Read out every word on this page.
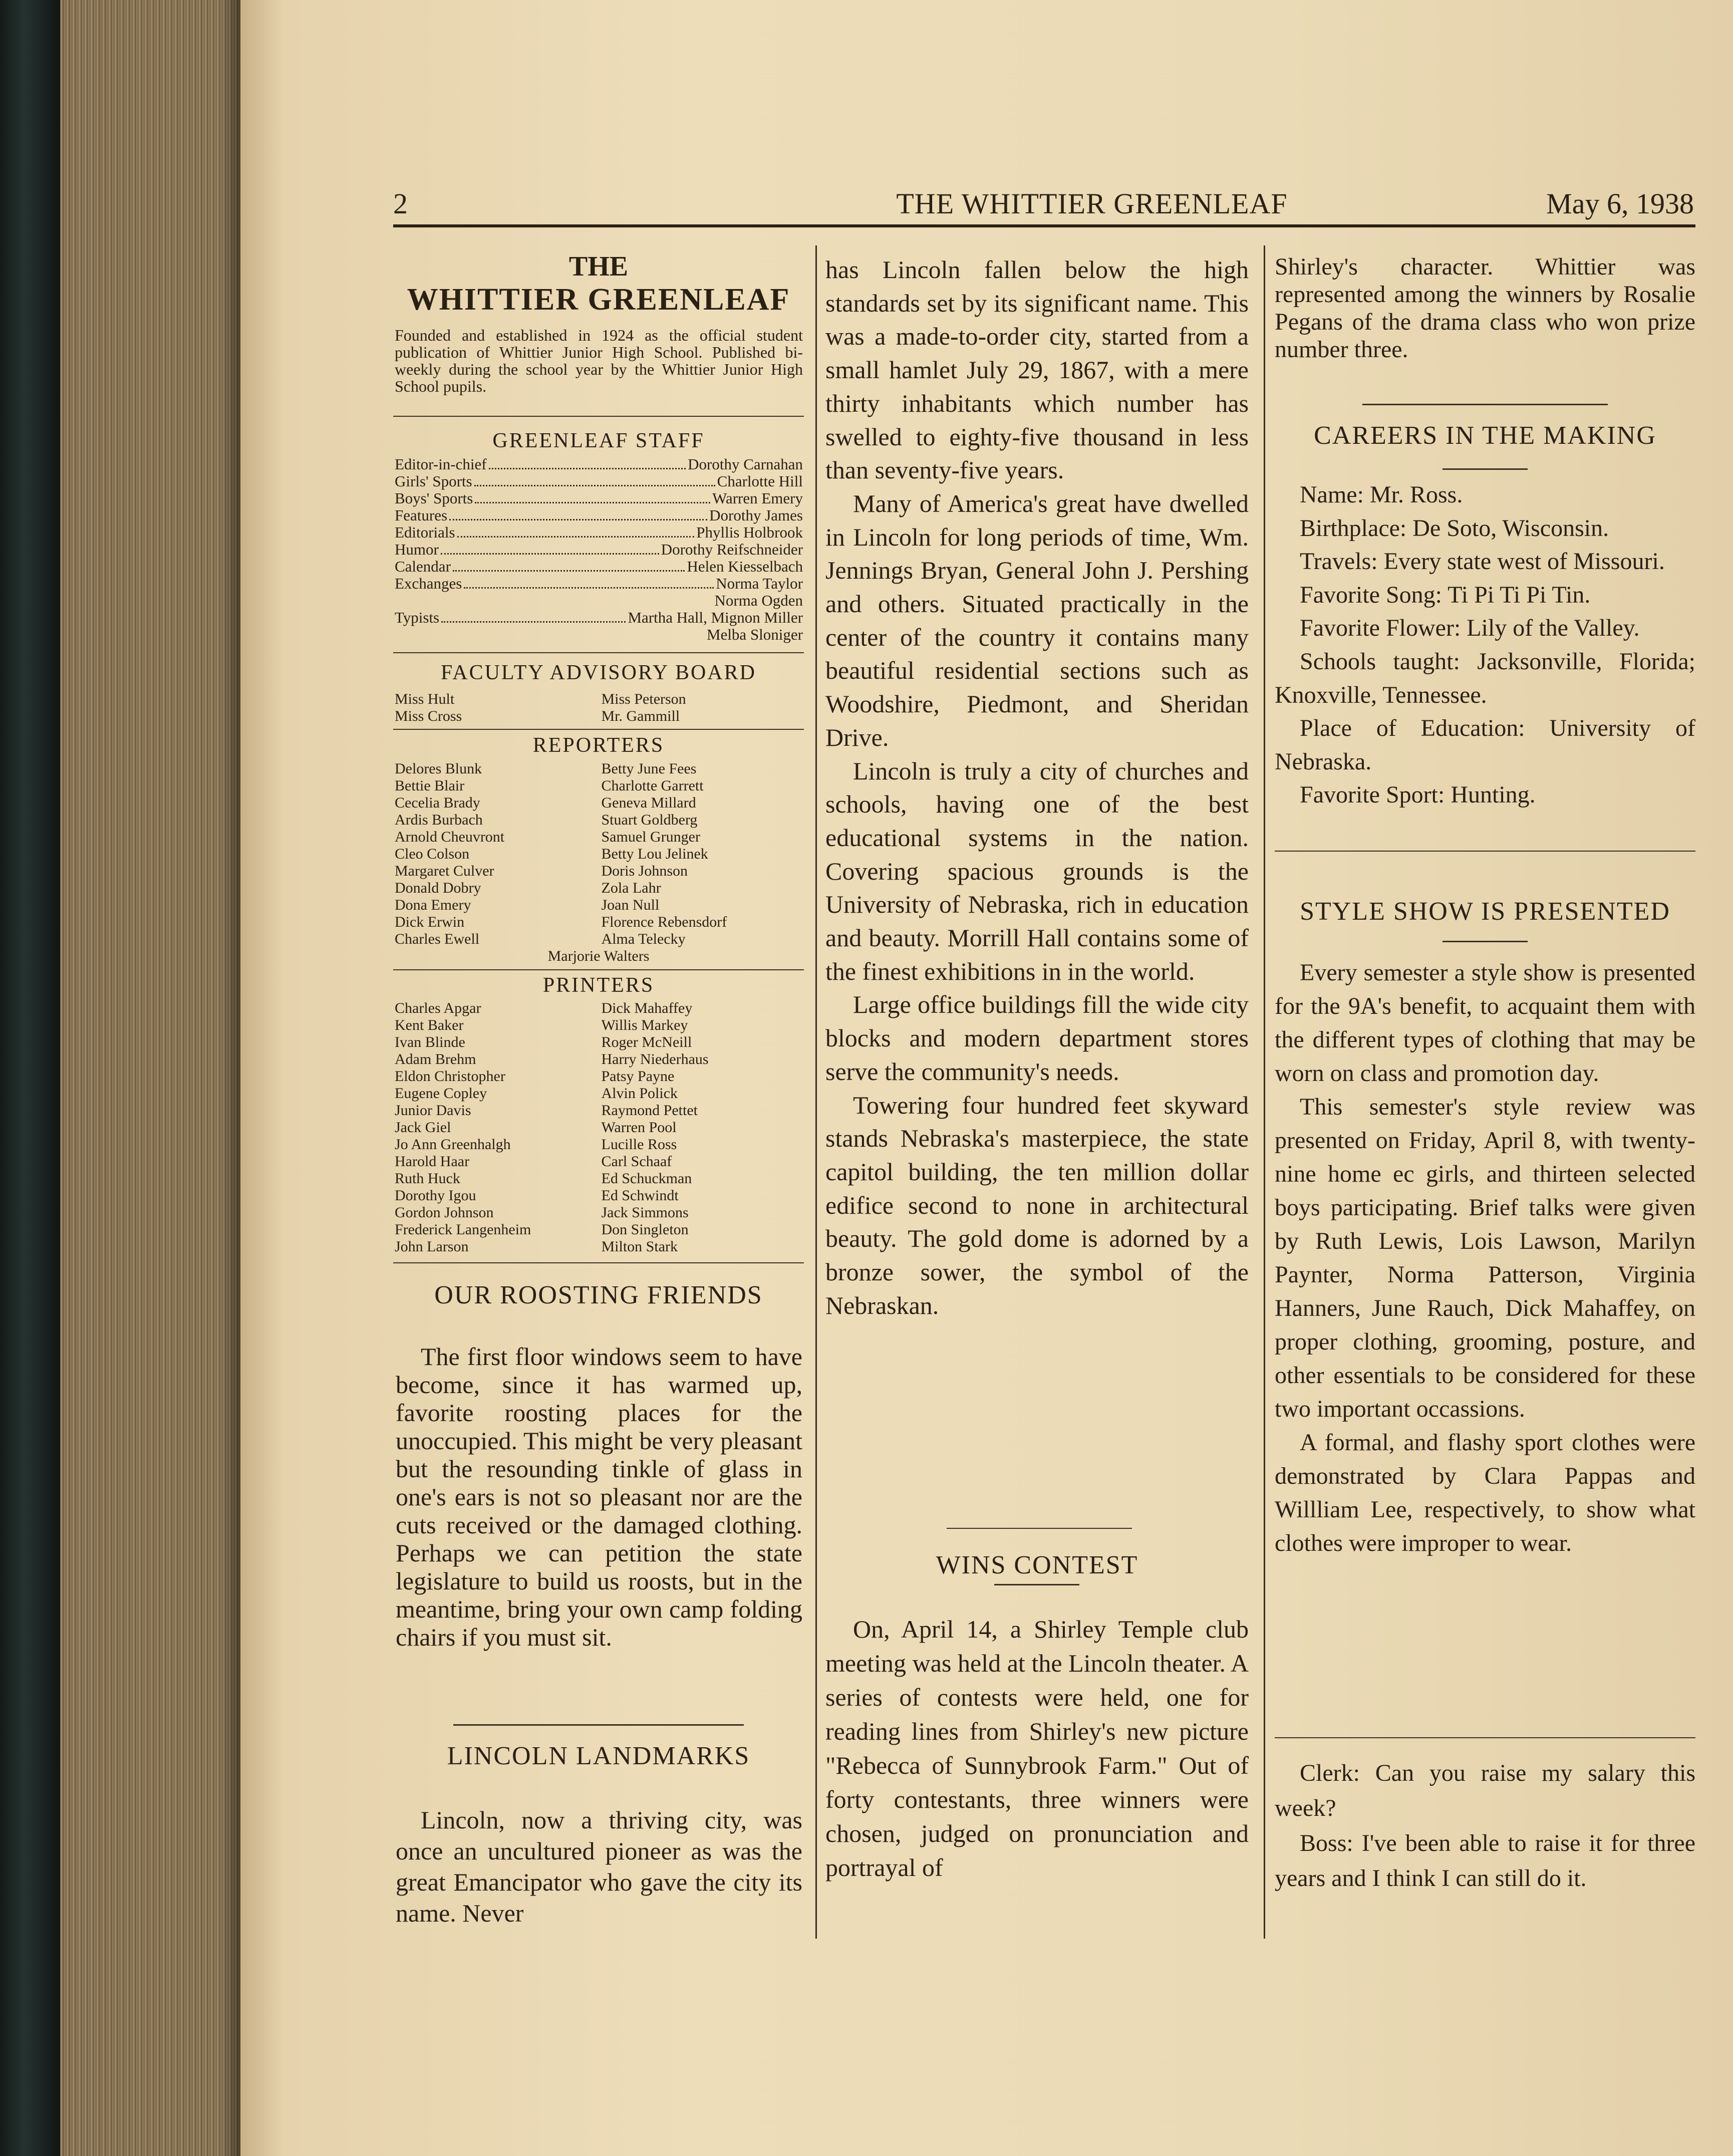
2	THE WHITTIER GREENLEAF	May 6, 1938
THE
WHITTIER GREENLEAF
Founded and established in 1924 as the official student publication of Whittier Junior High School. Published bi-weekly during the school year by the Whittier Junior High School pupils.
GREENLEAF STAFF
Editor-in-chief	Dorothy Carnahan
Girls' Sports	Charlotte Hill
Boys' Sports	Warren Emery
Features	Dorothy James
Editorials	Phyllis Holbrook
Humor	Dorothy Reifschneider
Calendar	Helen Kiesselbach
Exchanges	Norma Taylor
Norma Ogden
Typists	Martha Hall, Mignon Miller
Melba Sloniger
FACULTY ADVISORY BOARD
Miss Hult	Miss Peterson
Miss Cross	Mr. Gammill
REPORTERS
Delores Blunk	Betty June Fees
Bettie Blair	Charlotte Garrett
Cecelia Brady	Geneva Millard
Ardis Burbach	Stuart Goldberg
Arnold Cheuvront	Samuel Grunger
Cleo Colson	Betty Lou Jelinek
Margaret Culver	Doris Johnson
Donald Dobry	Zola Lahr
Dona Emery	Joan Null
Dick Erwin	Florence Rebensdorf
Charles Ewell	Alma Telecky
Marjorie Walters
PRINTERS
Charles Apgar	Dick Mahaffey
Kent Baker	Willis Markey
Ivan Blinde	Roger McNeill
Adam Brehm	Harry Niederhaus
Eldon Christopher	Patsy Payne
Eugene Copley	Alvin Polick
Junior Davis	Raymond Pettet
Jack Giel	Warren Pool
Jo Ann Greenhalgh	Lucille Ross
Harold Haar	Carl Schaaf
Ruth Huck	Ed Schuckman
Dorothy Igou	Ed Schwindt
Gordon Johnson	Jack Simmons
Frederick Langenheim	Don Singleton
John Larson	Milton Stark
OUR ROOSTING FRIENDS

The first floor windows seem to have become, since it has warmed up, favorite roosting places for the unoccupied. This might be very pleasant but the resounding tinkle of glass in one's ears is not so pleasant nor are the cuts received or the damaged clothing. Perhaps we can petition the state legislature to build us roosts, but in the meantime, bring your own camp folding chairs if you must sit.

LINCOLN LANDMARKS

Lincoln, now a thriving city, was once an uncultured pioneer as was the great Emancipator who gave the city its name. Never

has Lincoln fallen below the high standards set by its significant name. This was a made-to-order city, started from a small hamlet July 29, 1867, with a mere thirty inhabitants which number has swelled to eighty-five thousand in less than seventy-five years.

Many of America's great have dwelled in Lincoln for long periods of time, Wm. Jennings Bryan, General John J. Pershing and others. Situated practically in the center of the country it contains many beautiful residential sections such as Woodshire, Piedmont, and Sheridan Drive.

Lincoln is truly a city of churches and schools, having one of the best educational systems in the nation. Covering spacious grounds is the University of Nebraska, rich in education and beauty. Morrill Hall contains some of the finest exhibitions in in the world.

Large office buildings fill the wide city blocks and modern department stores serve the community's needs.

Towering four hundred feet skyward stands Nebraska's masterpiece, the state capitol building, the ten million dollar edifice second to none in architectural beauty. The gold dome is adorned by a bronze sower, the symbol of the Nebraskan.

WINS CONTEST

On, April 14, a Shirley Temple club meeting was held at the Lincoln theater. A series of contests were held, one for reading lines from Shirley's new picture "Rebecca of Sunnybrook Farm." Out of forty contestants, three winners were chosen, judged on pronunciation and portrayal of

Shirley's character. Whittier was represented among the winners by Rosalie Pegans of the drama class who won prize number three.

CAREERS IN THE MAKING

Name: Mr. Ross.

Birthplace: De Soto, Wisconsin.

Travels: Every state west of Missouri.

Favorite Song: Ti Pi Ti Pi Tin.

Favorite Flower: Lily of the Valley.

Schools taught: Jacksonville, Florida; Knoxville, Tennessee.

Place of Education: University of Nebraska.

Favorite Sport: Hunting.

STYLE SHOW IS PRESENTED

Every semester a style show is presented for the 9A's benefit, to acquaint them with the different types of clothing that may be worn on class and promotion day.

This semester's style review was presented on Friday, April 8, with twenty-nine home ec girls, and thirteen selected boys participating. Brief talks were given by Ruth Lewis, Lois Lawson, Marilyn Paynter, Norma Patterson, Virginia Hanners, June Rauch, Dick Mahaffey, on proper clothing, grooming, posture, and other essentials to be considered for these two important occassions.

A formal, and flashy sport clothes were demonstrated by Clara Pappas and Willliam Lee, respectively, to show what clothes were improper to wear.

Clerk: Can you raise my salary this week?

Boss: I've been able to raise it for three years and I think I can still do it.
